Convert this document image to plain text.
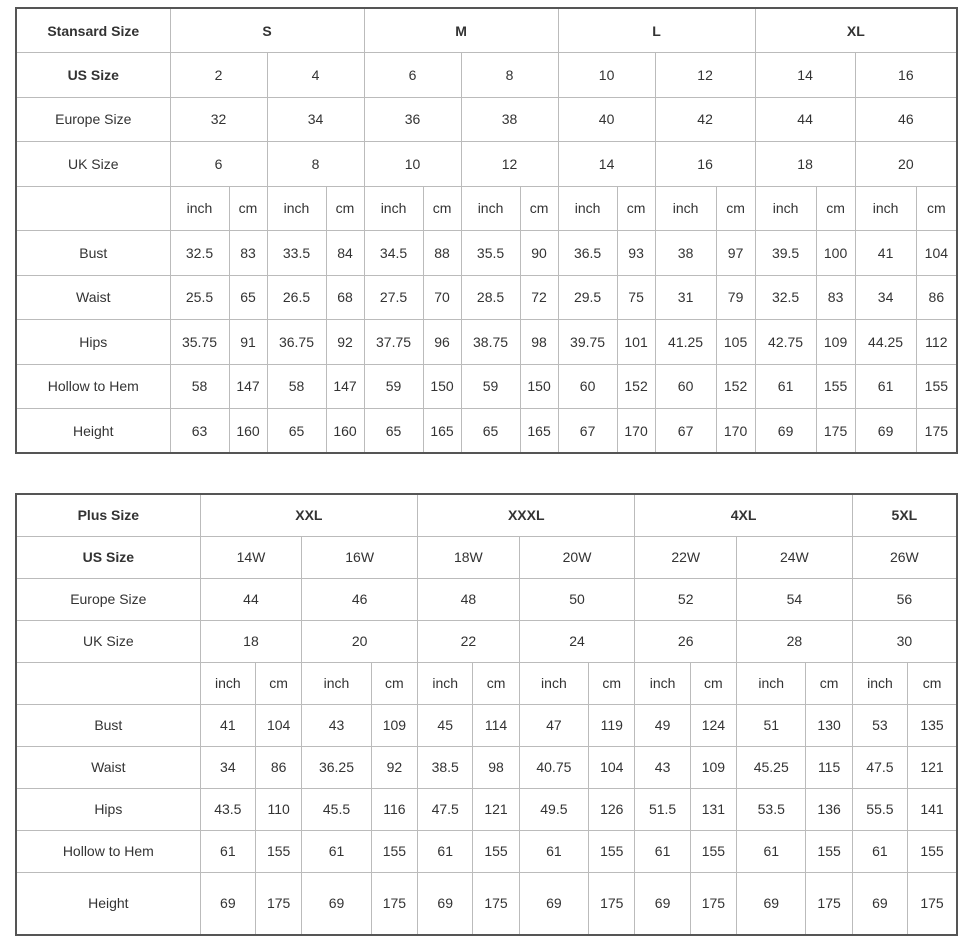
Stansard Size	S				M				L				XL			
US Size	2		4		6		8		10		12		14		16	
Europe Size	32		34		36		38		40		42		44		46	
UK Size	6		8		10		12		14		16		18		20	
	inch	cm	inch	cm	inch	cm	inch	cm	inch	cm	inch	cm	inch	cm	inch	cm
Bust	32.5	83	33.5	84	34.5	88	35.5	90	36.5	93	38	97	39.5	100	41	104
Waist	25.5	65	26.5	68	27.5	70	28.5	72	29.5	75	31	79	32.5	83	34	86
Hips	35.75	91	36.75	92	37.75	96	38.75	98	39.75	101	41.25	105	42.75	109	44.25	112
Hollow to Hem	58	147	58	147	59	150	59	150	60	152	60	152	61	155	61	155
Height	63	160	65	160	65	165	65	165	67	170	67	170	69	175	69	175
Plus Size	XXL				XXXL				4XL				5XL	
US Size	14W		16W		18W		20W		22W		24W		26W	
Europe Size	44		46		48		50		52		54		56	
UK Size	18		20		22		24		26		28		30	
	inch	cm	inch	cm	inch	cm	inch	cm	inch	cm	inch	cm	inch	cm
Bust	41	104	43	109	45	114	47	119	49	124	51	130	53	135
Waist	34	86	36.25	92	38.5	98	40.75	104	43	109	45.25	115	47.5	121
Hips	43.5	110	45.5	116	47.5	121	49.5	126	51.5	131	53.5	136	55.5	141
Hollow to Hem	61	155	61	155	61	155	61	155	61	155	61	155	61	155
Height	69	175	69	175	69	175	69	175	69	175	69	175	69	175
